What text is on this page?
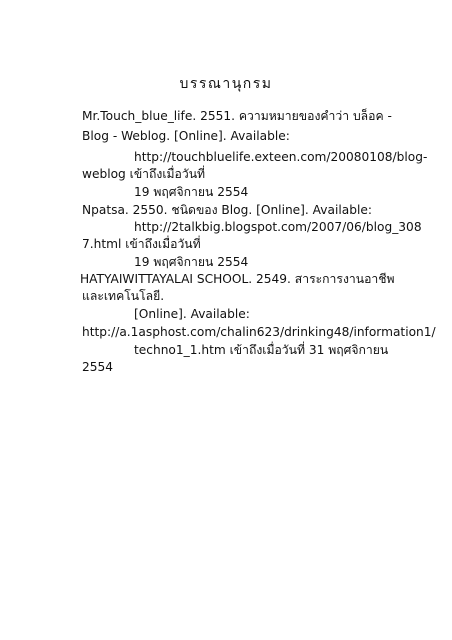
บรรณานุกรม
Mr.Touch_blue_life. 2551. ความหมายของคำว่า บล็อค -
Blog - Weblog. [Online]. Available:
http://touchbluelife.exteen.com/20080108/blog-
weblog เข้าถึงเมื่อวันที่
19 พฤศจิกายน 2554
Npatsa. 2550. ชนิดของ Blog. [Online]. Available:
http://2talkbig.blogspot.com/2007/06/blog_308
7.html เข้าถึงเมื่อวันที่
19 พฤศจิกายน 2554
HATYAIWITTAYALAI SCHOOL. 2549. สาระการงานอาชีพ
และเทคโนโลยี.
[Online]. Available:
http://a.1asphost.com/chalin623/drinking48/information1/
techno1_1.htm เข้าถึงเมื่อวันที่ 31 พฤศจิกายน
2554
